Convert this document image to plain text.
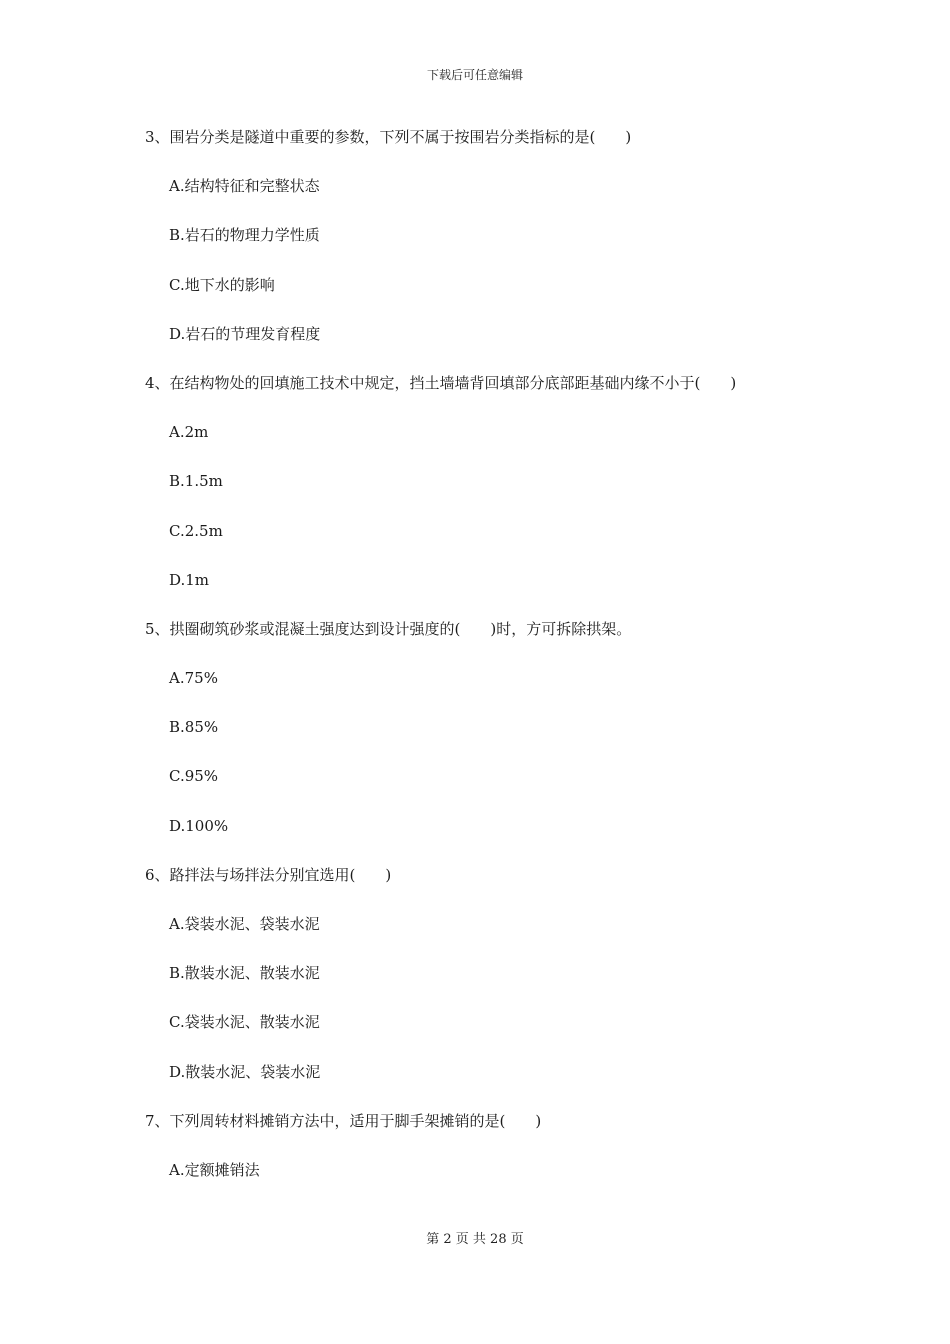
下载后可任意编辑
3、围岩分类是隧道中重要的参数，下列不属于按围岩分类指标的是(　　)
A.结构特征和完整状态
B.岩石的物理力学性质
C.地下水的影响
D.岩石的节理发育程度
4、在结构物处的回填施工技术中规定，挡土墙墙背回填部分底部距基础内缘不小于(　　)
A.2m
B.1.5m
C.2.5m
D.1m
5、拱圈砌筑砂浆或混凝土强度达到设计强度的(　　)时，方可拆除拱架。
A.75%
B.85%
C.95%
D.100%
6、路拌法与场拌法分别宜选用(　　)
A.袋装水泥、袋装水泥
B.散装水泥、散装水泥
C.袋装水泥、散装水泥
D.散装水泥、袋装水泥
7、下列周转材料摊销方法中，适用于脚手架摊销的是(　　)
A.定额摊销法
第 2 页 共 28 页
